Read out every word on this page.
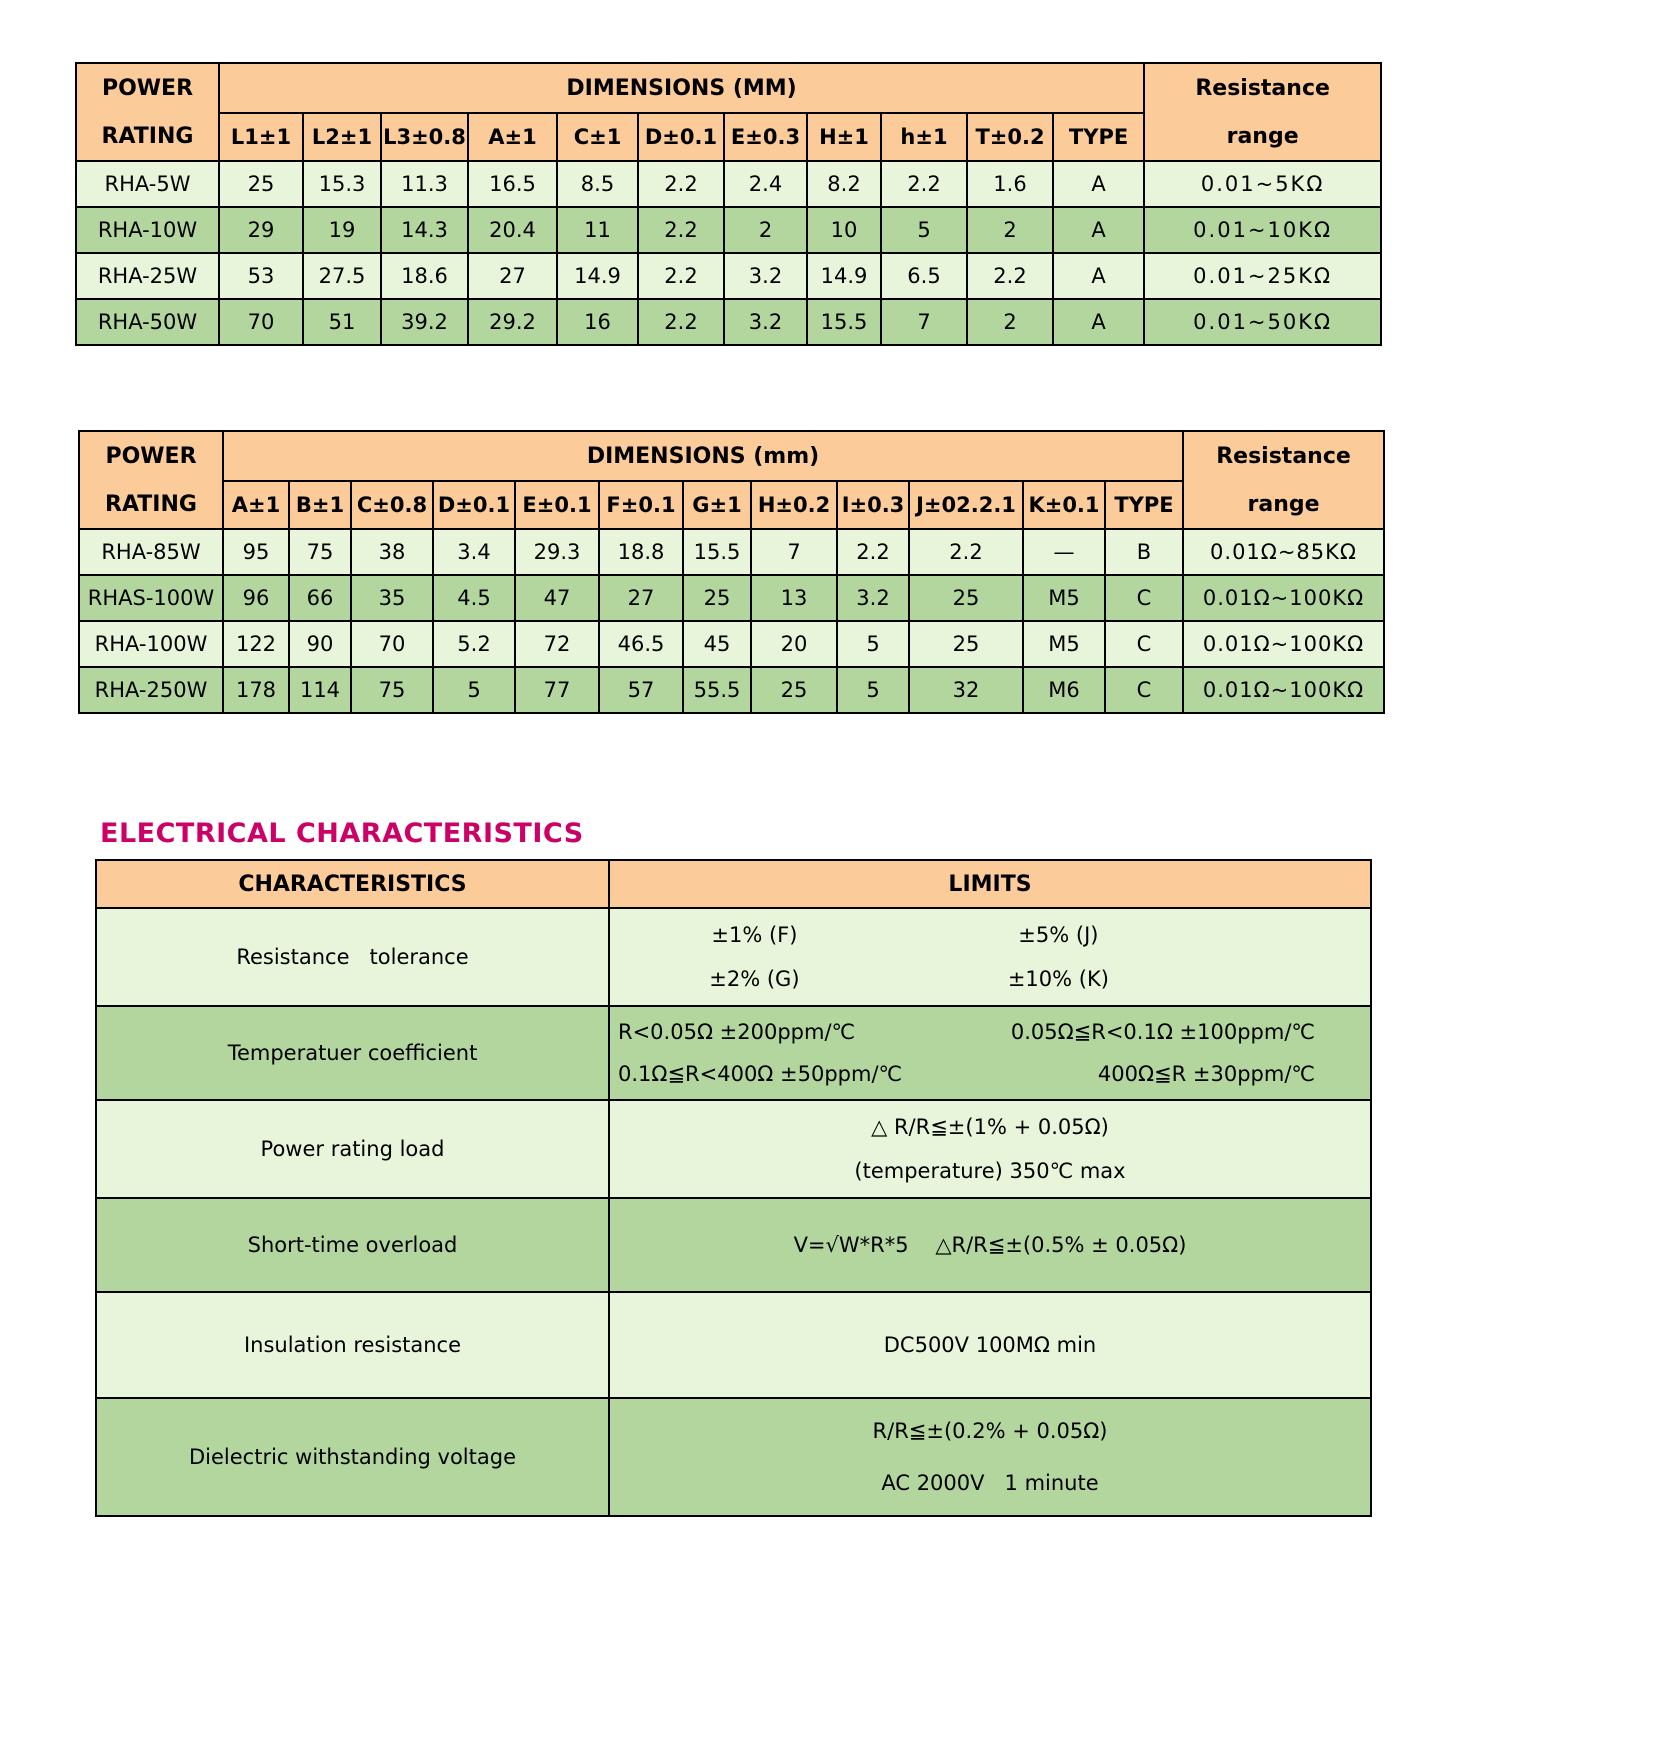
POWER
RATING
	DIMENSIONS (MM)	Resistance
range

	L1±1	L2±1	L3±0.8	A±1	C±1	D±0.1	E±0.3	H±1	h±1	T±0.2	TYPE	
RHA-5W	25	15.3	11.3	16.5	8.5	2.2	2.4	8.2	2.2	1.6	A	0.01~5KΩ
RHA-10W	29	19	14.3	20.4	11	2.2	2	10	5	2	A	0.01~10KΩ
RHA-25W	53	27.5	18.6	27	14.9	2.2	3.2	14.9	6.5	2.2	A	0.01~25KΩ
RHA-50W	70	51	39.2	29.2	16	2.2	3.2	15.5	7	2	A	0.01~50KΩ
POWER
RATING
	DIMENSIONS (mm)	Resistance
range

	A±1	B±1	C±0.8	D±0.1	E±0.1	F±0.1	G±1	H±0.2	I±0.3	J±02.2.1	K±0.1	TYPE	
RHA-85W	95	75	38	3.4	29.3	18.8	15.5	7	2.2	2.2	—	B	0.01Ω~85KΩ
RHAS-100W	96	66	35	4.5	47	27	25	13	3.2	25	M5	C	0.01Ω~100KΩ
RHA-100W	122	90	70	5.2	72	46.5	45	20	5	25	M5	C	0.01Ω~100KΩ
RHA-250W	178	114	75	5	77	57	55.5	25	5	32	M6	C	0.01Ω~100KΩ
ELECTRICAL CHARACTERISTICS
CHARACTERISTICS	LIMITS
Resistance   tolerance	±1% (F) ±5% (J)
±2% (G) ±10% (K)

Temperatuer coefficient	R<0.05Ω ±200ppm/℃ 0.05Ω≦R<0.1Ω ±100ppm/℃
0.1Ω≦R<400Ω ±50ppm/℃ 400Ω≦R ±30ppm/℃

Power rating load	△ R/R≦±(1% + 0.05Ω)
(temperature) 350℃ max

Short-time overload	V=√W*R*5    △R/R≦±(0.5% ± 0.05Ω)

Insulation resistance	DC500V 100MΩ min

Dielectric withstanding voltage	R/R≦±(0.2% + 0.05Ω)
AC 2000V   1 minute
